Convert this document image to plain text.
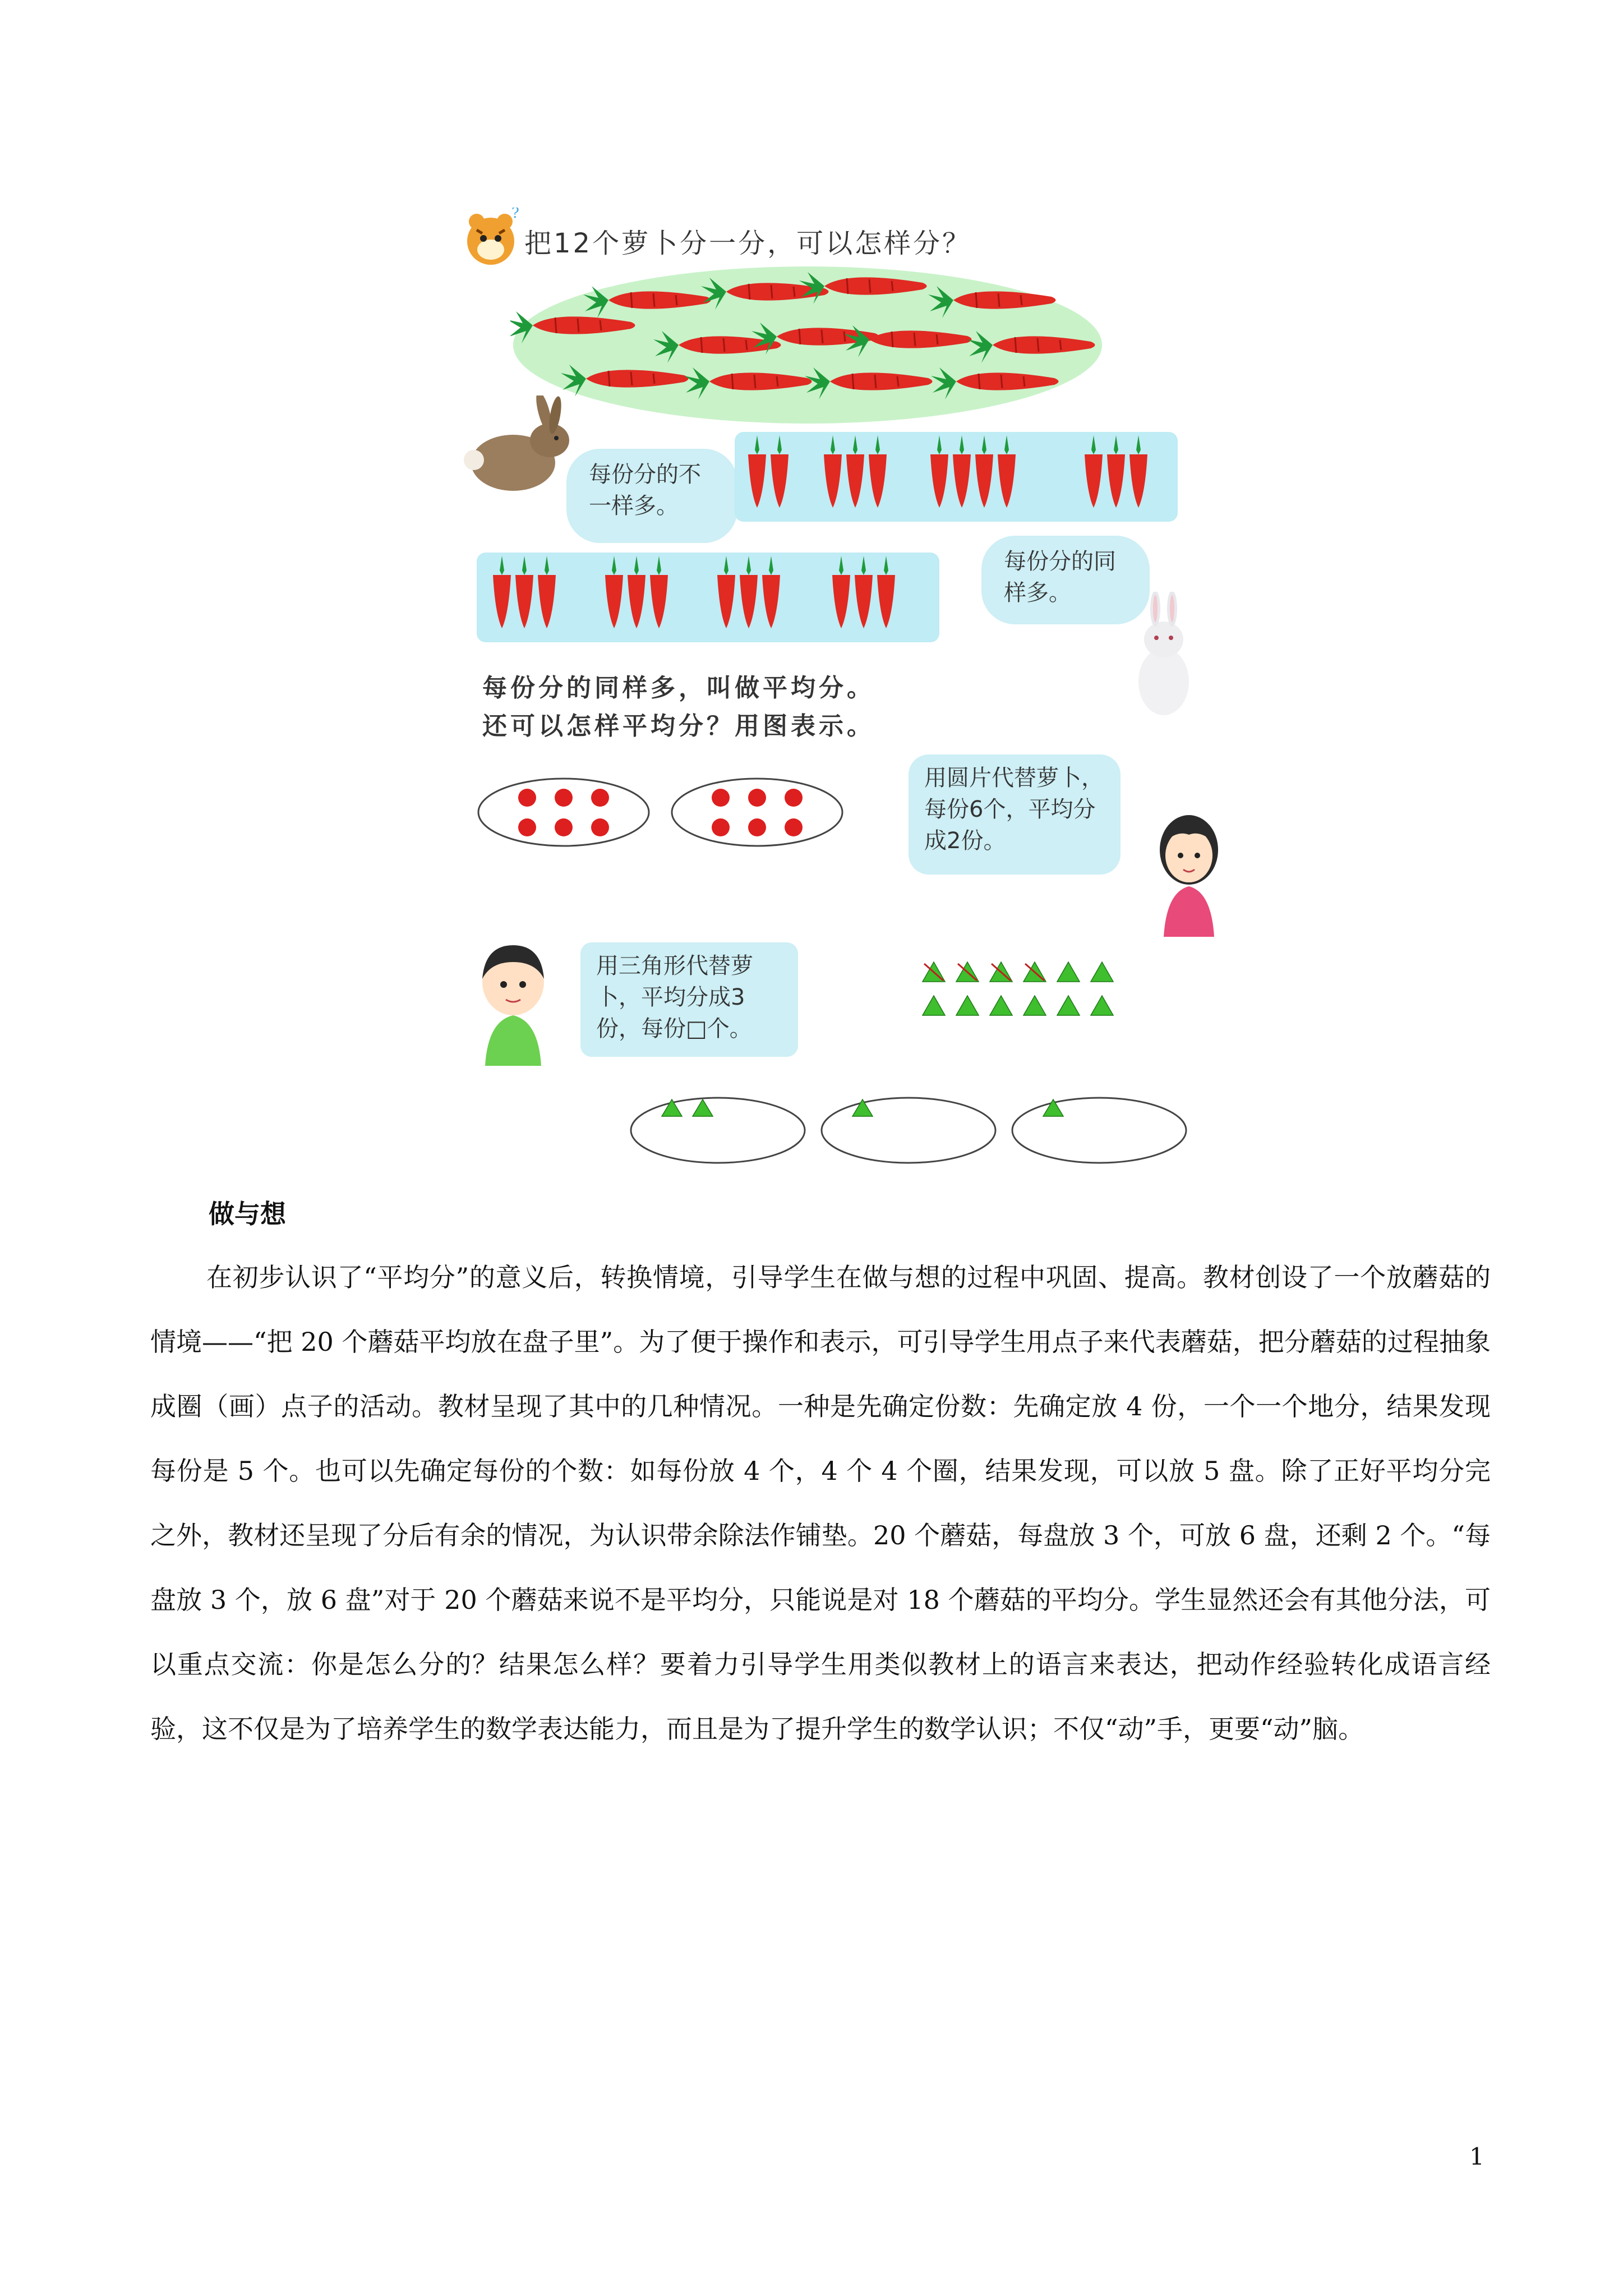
?
把12个萝卜分一分，可以怎样分？
每份分的不一样多。
每份分的同样多。
每份分的同样多，叫做平均分。
还可以怎样平均分？用图表示。
用圆片代替萝卜，每份6个，平均分成2份。
用三角形代替萝卜，平均分成3份，每份□个。
做与想

在初步认识了“平均分”的意义后，转换情境，引导学生在做与想的过程中巩固、提高。教材创设了一个放蘑菇的情境——“把 20 个蘑菇平均放在盘子里”。为了便于操作和表示，可引导学生用点子来代表蘑菇，把分蘑菇的过程抽象成圈（画）点子的活动。教材呈现了其中的几种情况。一种是先确定份数：先确定放 4 份，一个一个地分，结果发现每份是 5 个。也可以先确定每份的个数：如每份放 4 个，4 个 4 个圈，结果发现，可以放 5 盘。除了正好平均分完之外，教材还呈现了分后有余的情况，为认识带余除法作铺垫。20 个蘑菇，每盘放 3 个，可放 6 盘，还剩 2 个。“每盘放 3 个，放 6 盘”对于 20 个蘑菇来说不是平均分，只能说是对 18 个蘑菇的平均分。学生显然还会有其他分法，可以重点交流：你是怎么分的？结果怎么样？要着力引导学生用类似教材上的语言来表达，把动作经验转化成语言经验，这不仅是为了培养学生的数学表达能力，而且是为了提升学生的数学认识；不仅“动”手，更要“动”脑。

1
